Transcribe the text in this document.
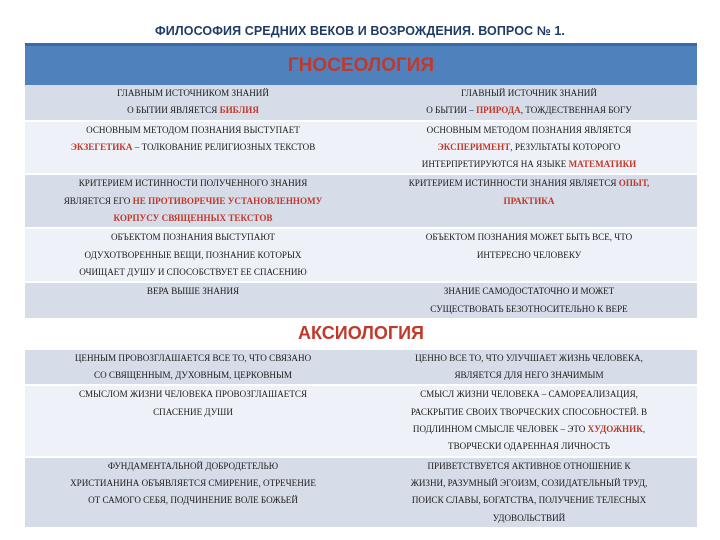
ФИЛОСОФИЯ СРЕДНИХ ВЕКОВ И ВОЗРОЖДЕНИЯ. ВОПРОС № 1.
ГНОСЕОЛОГИЯ
ГЛАВНЫМ ИСТОЧНИКОМ ЗНАНИЙ
О БЫТИИ ЯВЛЯЕТСЯ БИБЛИЯ
ГЛАВНЫЙ ИСТОЧНИК ЗНАНИЙ
О БЫТИИ – ПРИРОДА, ТОЖДЕСТВЕННАЯ БОГУ
ОСНОВНЫМ МЕТОДОМ ПОЗНАНИЯ ВЫСТУПАЕТ
ЭКЗЕГЕТИКА – ТОЛКОВАНИЕ РЕЛИГИОЗНЫХ ТЕКСТОВ
ОСНОВНЫМ МЕТОДОМ ПОЗНАНИЯ ЯВЛЯЕТСЯ
ЭКСПЕРИМЕНТ, РЕЗУЛЬТАТЫ КОТОРОГО
ИНТЕРПРЕТИРУЮТСЯ НА ЯЗЫКЕ МАТЕМАТИКИ
КРИТЕРИЕМ ИСТИННОСТИ ПОЛУЧЕННОГО ЗНАНИЯ
ЯВЛЯЕТСЯ ЕГО НЕ ПРОТИВОРЕЧИЕ УСТАНОВЛЕННОМУ
КОРПУСУ СВЯЩЕННЫХ ТЕКСТОВ
КРИТЕРИЕМ ИСТИННОСТИ ЗНАНИЯ ЯВЛЯЕТСЯ ОПЫТ,
ПРАКТИКА
ОБЪЕКТОМ ПОЗНАНИЯ ВЫСТУПАЮТ
ОДУХОТВОРЕННЫЕ ВЕЩИ, ПОЗНАНИЕ КОТОРЫХ
ОЧИЩАЕТ ДУШУ И СПОСОБСТВУЕТ ЕЕ СПАСЕНИЮ
ОБЪЕКТОМ ПОЗНАНИЯ МОЖЕТ БЫТЬ ВСЕ, ЧТО
ИНТЕРЕСНО ЧЕЛОВЕКУ
ВЕРА ВЫШЕ ЗНАНИЯ	ЗНАНИЕ САМОДОСТАТОЧНО И МОЖЕТ
СУЩЕСТВОВАТЬ БЕЗОТНОСИТЕЛЬНО К ВЕРЕ
АКСИОЛОГИЯ
ЦЕННЫМ ПРОВОЗГЛАШАЕТСЯ ВСЕ ТО, ЧТО СВЯЗАНО
СО СВЯЩЕННЫМ, ДУХОВНЫМ, ЦЕРКОВНЫМ
ЦЕННО ВСЕ ТО, ЧТО УЛУЧШАЕТ ЖИЗНЬ ЧЕЛОВЕКА,
ЯВЛЯЕТСЯ ДЛЯ НЕГО ЗНАЧИМЫМ
СМЫСЛОМ ЖИЗНИ ЧЕЛОВЕКА ПРОВОЗГЛАШАЕТСЯ
СПАСЕНИЕ ДУШИ
СМЫСЛ ЖИЗНИ ЧЕЛОВЕКА – САМОРЕАЛИЗАЦИЯ,
РАСКРЫТИЕ СВОИХ ТВОРЧЕСКИХ СПОСОБНОСТЕЙ. В
ПОДЛИННОМ СМЫСЛЕ ЧЕЛОВЕК – ЭТО ХУДОЖНИК,
ТВОРЧЕСКИ ОДАРЕННАЯ ЛИЧНОСТЬ
ФУНДАМЕНТАЛЬНОЙ ДОБРОДЕТЕЛЬЮ
ХРИСТИАНИНА ОБЪЯВЛЯЕТСЯ СМИРЕНИЕ, ОТРЕЧЕНИЕ
ОТ САМОГО СЕБЯ, ПОДЧИНЕНИЕ ВОЛЕ БОЖЬЕЙ
ПРИВЕТСТВУЕТСЯ АКТИВНОЕ ОТНОШЕНИЕ К
ЖИЗНИ, РАЗУМНЫЙ ЭГОИЗМ, СОЗИДАТЕЛЬНЫЙ ТРУД,
ПОИСК СЛАВЫ, БОГАТСТВА, ПОЛУЧЕНИЕ ТЕЛЕСНЫХ
УДОВОЛЬСТВИЙ
